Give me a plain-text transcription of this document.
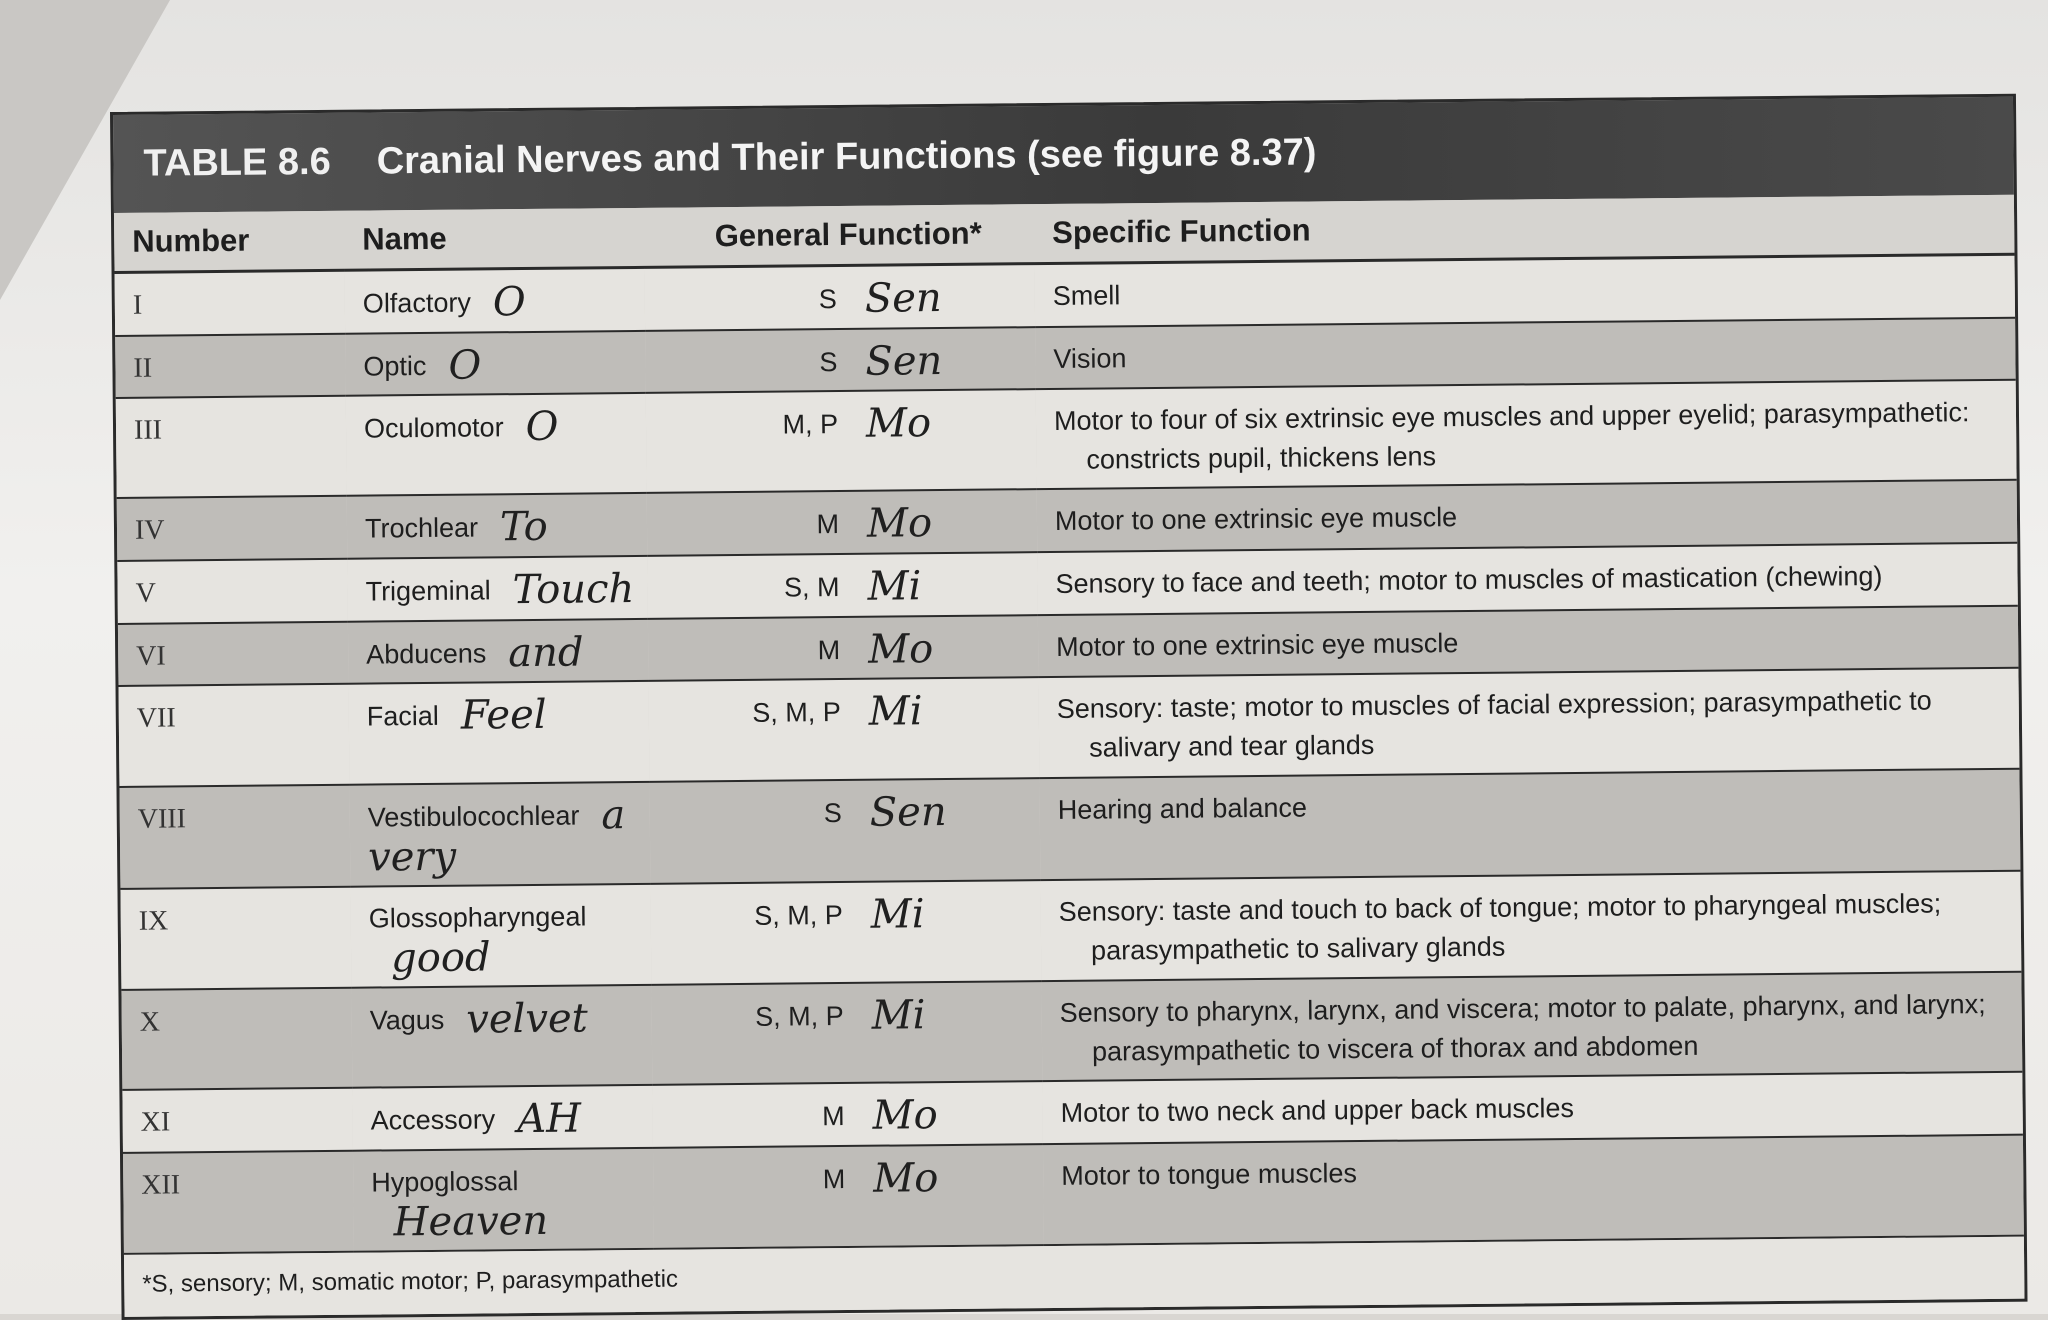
TABLE 8.6 Cranial Nerves and Their Functions (see figure 8.37)
Number	Name	General Function*	Specific Function
I	Olfactory O	S Sen	Smell
II	Optic O	S Sen	Vision
III	Oculomotor O	M, P Mo	Motor to four of six extrinsic eye muscles and upper eyelid; parasympathetic:
constricts pupil, thickens lens

IV	Trochlear To	M Mo	Motor to one extrinsic eye muscle
V	Trigeminal Touch	S, M Mi	Sensory to face and teeth; motor to muscles of mastication (chewing)
VI	Abducens and	M Mo	Motor to one extrinsic eye muscle
VII	Facial Feel	S, M, P Mi	Sensory: taste; motor to muscles of facial expression; parasympathetic to
salivary and tear glands

VIII	Vestibulocochlear a very	S Sen	Hearing and balance
IX	Glossopharyngealgood	S, M, P Mi	Sensory: taste and touch to back of tongue; motor to pharyngeal muscles;
parasympathetic to salivary glands

X	Vagus velvet	S, M, P Mi	Sensory to pharynx, larynx, and viscera; motor to palate, pharynx, and larynx;
parasympathetic to viscera of thorax and abdomen

XI	Accessory AH	M Mo	Motor to two neck and upper back muscles
XII	HypoglossalHeaven	M Mo	Motor to tongue muscles
*S, sensory; M, somatic motor; P, parasympathetic
